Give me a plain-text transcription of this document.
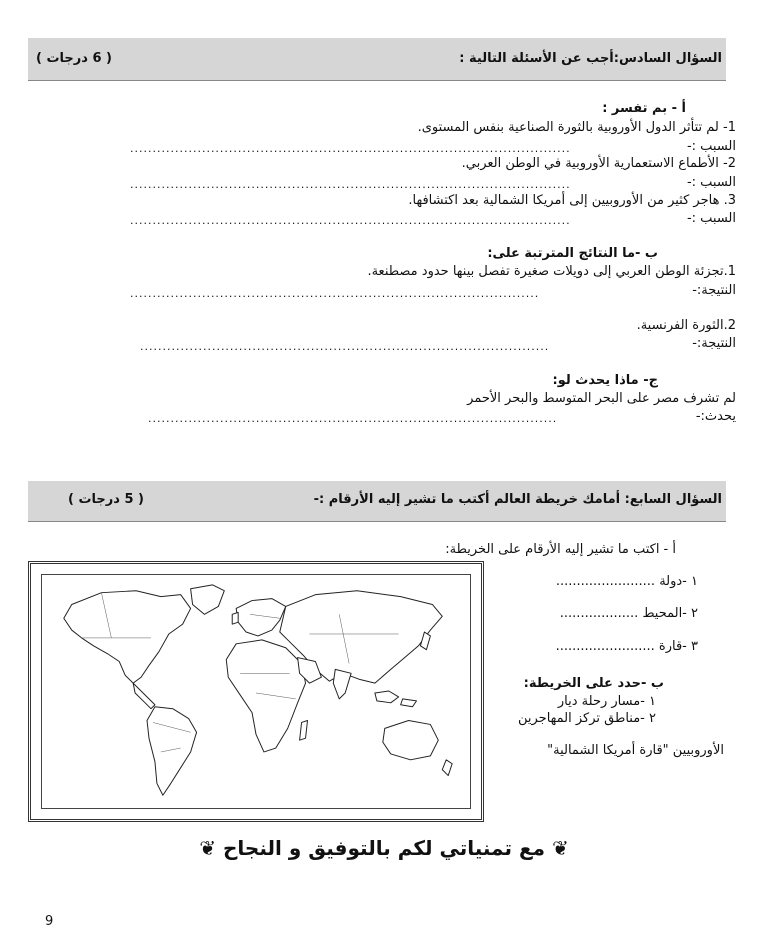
السؤال السادس:أجب عن الأسئلة التالية :
( 6 درجات )
أ - بم تفسر :
1- لم تتأثر الدول الأوروبية بالثورة الصناعية بنفس المستوى.
السبب :-
..................................................................................................
2- الأطماع الاستعمارية الأوروبية في الوطن العربي.
السبب :-
..................................................................................................
3. هاجر كثير من الأوروبيين إلى أمريكا الشمالية بعد اكتشافها.
السبب :-
..................................................................................................
ب -ما النتائج المترتبة على:
1.تجزئة الوطن العربي إلى دويلات صغيرة تفصل بينها حدود مصطنعة.
النتيجة:-
...........................................................................................
2.الثورة الفرنسية.
النتيجة:-
...........................................................................................
ج- ماذا يحدث لو:
لم تشرف مصر على البحر المتوسط والبحر الأحمر
يحدث:-
...........................................................................................
السؤال السابع: أمامك خريطة العالم أكتب ما تشير إليه الأرقام :-
( 5 درجات )
أ - اكتب ما تشير إليه الأرقام على الخريطة:
١ -دولة ........................
٢ -المحيط ...................
٣ -قارة ........................
ب -حدد على الخريطة:
١ -مسار رحلة ديار
٢ -مناطق تركز المهاجرين
الأوروبيين "قارة أمريكا الشمالية"
❦ مع تمنياتي لكم بالتوفيق و النجاح ❦
9
